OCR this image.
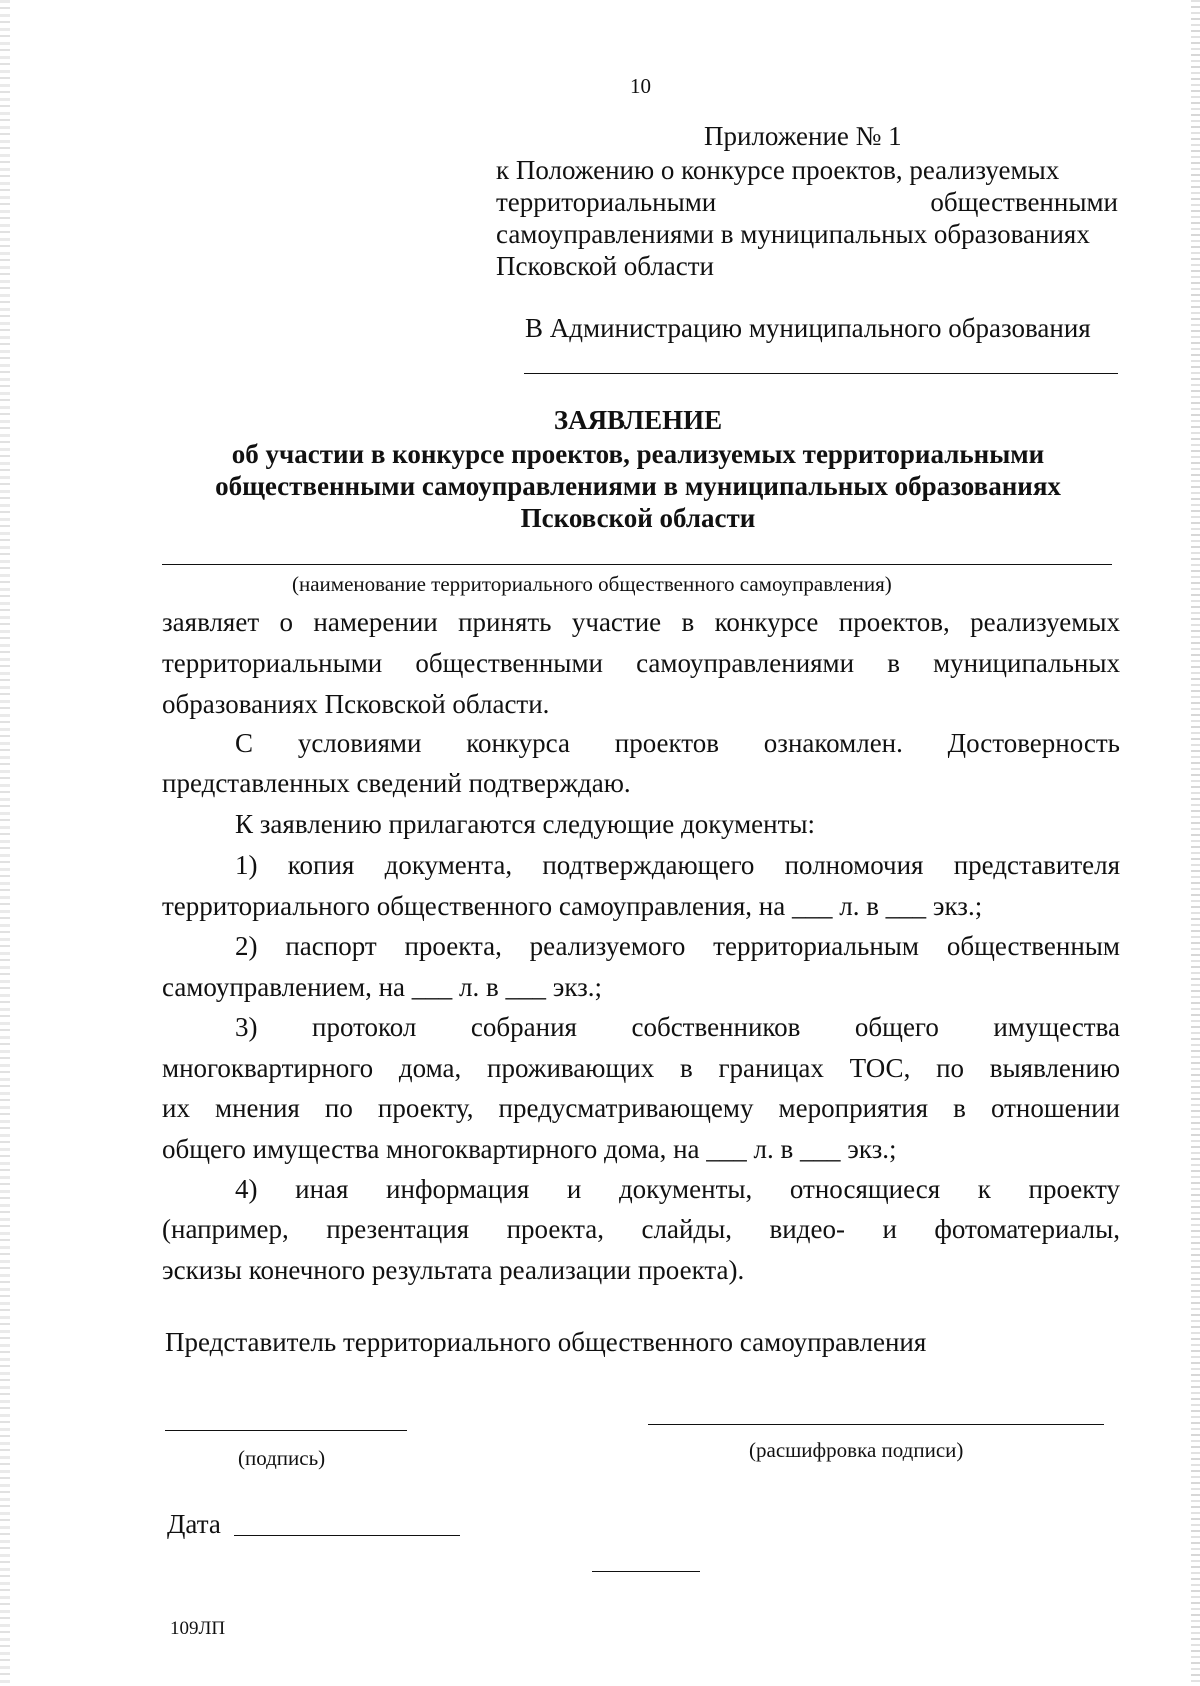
10
Приложение № 1
к Положению о конкурсе проектов, реализуемых
территориальными общественными
самоуправлениями в муниципальных образованиях
Псковской области
В Администрацию муниципального образования
ЗАЯВЛЕНИЕ
об участии в конкурсе проектов, реализуемых территориальными
общественными самоуправлениями в муниципальных образованиях
Псковской области
(наименование территориального общественного самоуправления)
заявляет о намерении принять участие в конкурсе проектов, реализуемых
территориальными общественными самоуправлениями в муниципальных
образованиях Псковской области.
С условиями конкурса проектов ознакомлен. Достоверность
представленных сведений подтверждаю.
К заявлению прилагаются следующие документы:
1) копия документа, подтверждающего полномочия представителя
территориального общественного самоуправления, на ___ л. в ___ экз.;
2) паспорт проекта, реализуемого территориальным общественным
самоуправлением, на ___ л. в ___ экз.;
3) протокол собрания собственников общего имущества
многоквартирного дома, проживающих в границах ТОС, по выявлению
их мнения по проекту, предусматривающему мероприятия в отношении
общего имущества многоквартирного дома, на ___ л. в ___ экз.;
4) иная информация и документы, относящиеся к проекту
(например, презентация проекта, слайды, видео- и фотоматериалы,
эскизы конечного результата реализации проекта).
Представитель территориального общественного самоуправления
(подпись)	(расшифровка подписи)
Дата
109ЛП
